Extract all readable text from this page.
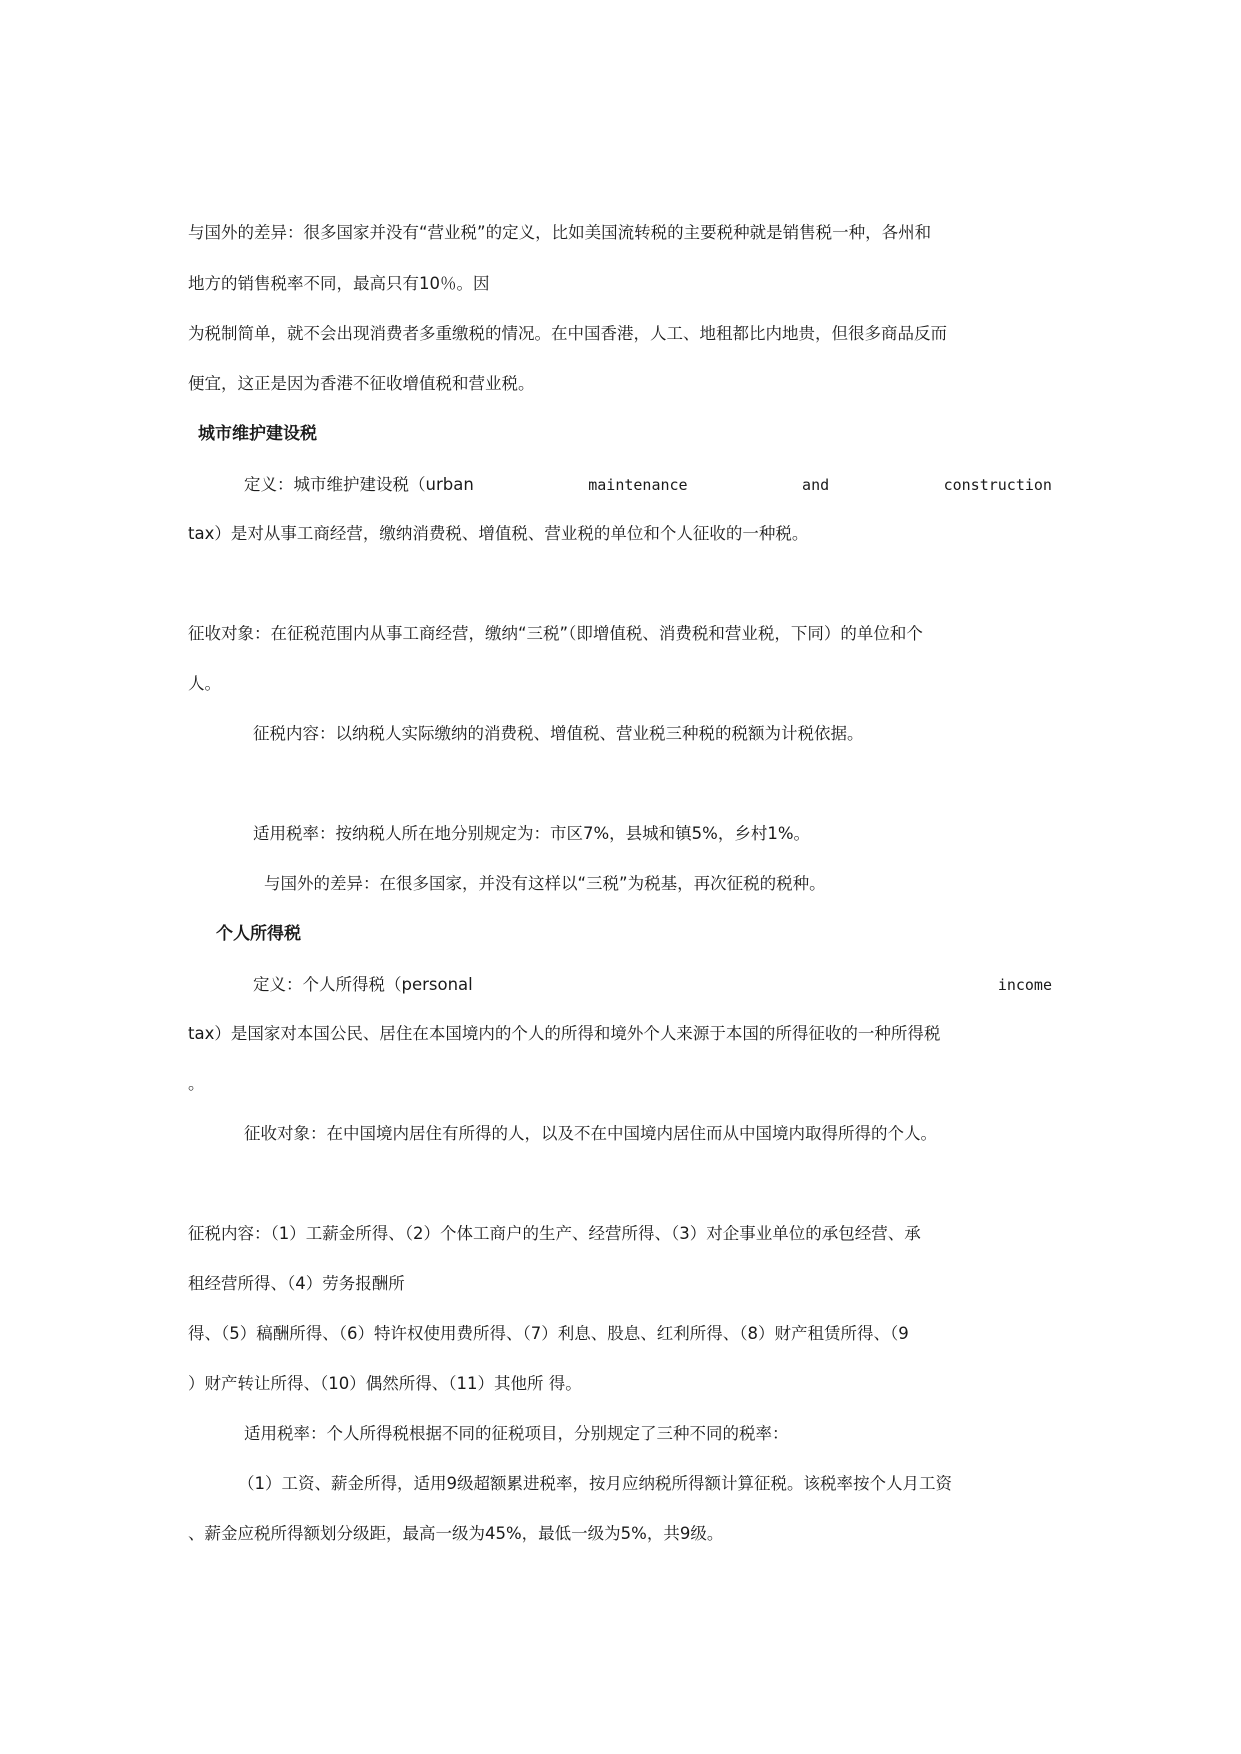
与国外的差异：很多国家并没有“营业税”的定义，比如美国流转税的主要税种就是销售税一种，各州和

地方的销售税率不同，最高只有10％。因

为税制简单，就不会出现消费者多重缴税的情况。在中国香港，人工、地租都比内地贵，但很多商品反而

便宜，这正是因为香港不征收增值税和营业税。

城市维护建设税
定义：城市维护建设税（urban	maintenance	and	construction

tax）是对从事工商经营，缴纳消费税、增值税、营业税的单位和个人征收的一种税。

征收对象：在征税范围内从事工商经营，缴纳“三税”（即增值税、消费税和营业税，下同）的单位和个

人。

征税内容：以纳税人实际缴纳的消费税、增值税、营业税三种税的税额为计税依据。

适用税率：按纳税人所在地分别规定为：市区7%，县城和镇5%，乡村1%。

与国外的差异：在很多国家，并没有这样以“三税”为税基，再次征税的税种。

个人所得税
定义：个人所得税（personal	income

tax）是国家对本国公民、居住在本国境内的个人的所得和境外个人来源于本国的所得征收的一种所得税

。

征收对象：在中国境内居住有所得的人，以及不在中国境内居住而从中国境内取得所得的个人。

征税内容：（1）工薪金所得、（2）个体工商户的生产、经营所得、（3）对企事业单位的承包经营、承

租经营所得、（4）劳务报酬所

得、（5）稿酬所得、（6）特许权使用费所得、（7）利息、股息、红利所得、（8）财产租赁所得、（9

）财产转让所得、（10）偶然所得、（11）其他所 得。

适用税率：个人所得税根据不同的征税项目，分别规定了三种不同的税率：

（1）工资、薪金所得，适用9级超额累进税率，按月应纳税所得额计算征税。该税率按个人月工资

、薪金应税所得额划分级距，最高一级为45%，最低一级为5%，共9级。
